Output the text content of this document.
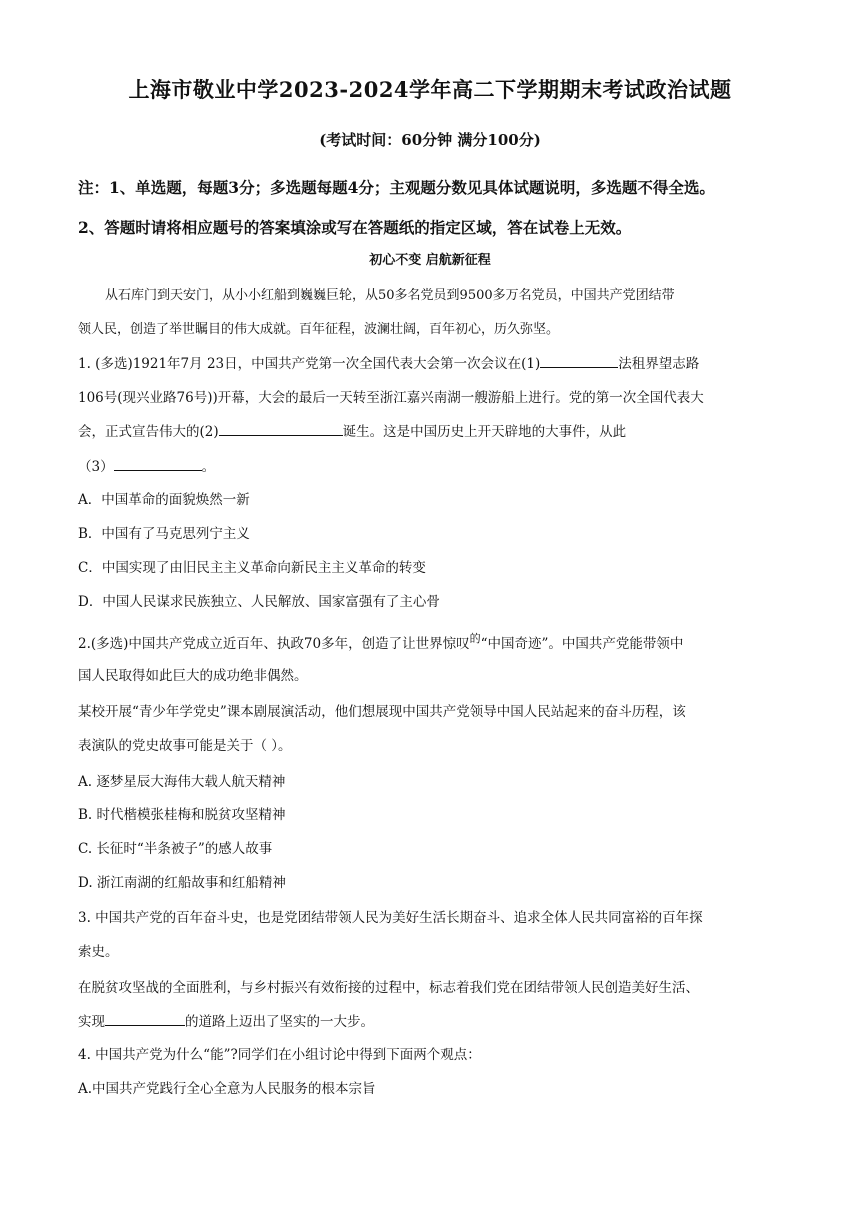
上海市敬业中学2023-2024学年高二下学期期末考试政治试题
(考试时间：60分钟 满分100分)
注：1、单选题，每题3分；多选题每题4分；主观题分数见具体试题说明，多选题不得全选。
2、答题时请将相应题号的答案填涂或写在答题纸的指定区域，答在试卷上无效。
初心不变 启航新征程
从石库门到天安门，从小小红船到巍巍巨轮，从50多名党员到9500多万名党员，中国共产党团结带
领人民，创造了举世瞩目的伟大成就。百年征程，波澜壮阔，百年初心，历久弥坚。
1. (多选)1921年7月 23日，中国共产党第一次全国代表大会第一次会议在(1)	法租界望志路
106号(现兴业路76号))开幕，大会的最后一天转至浙江嘉兴南湖一艘游船上进行。党的第一次全国代表大
会，正式宣告伟大的(2)	诞生。这是中国历史上开天辟地的大事件，从此
（3）	。
A．中国革命的面貌焕然一新
B．中国有了马克思列宁主义
C．中国实现了由旧民主主义革命向新民主主义革命的转变
D．中国人民谋求民族独立、人民解放、国家富强有了主心骨
2.(多选)中国共产党成立近百年、执政70多年，创造了让世界惊叹$^的$“中国奇迹”。中国共产党能带领中
国人民取得如此巨大的成功绝非偶然。
某校开展“青少年学党史”课本剧展演活动，他们想展现中国共产党领导中国人民站起来的奋斗历程，该
表演队的党史故事可能是关于（ ）。
A. 逐梦星辰大海伟大载人航天精神
B. 时代楷模张桂梅和脱贫攻坚精神
C. 长征时“半条被子”的感人故事
D. 浙江南湖的红船故事和红船精神
3. 中国共产党的百年奋斗史，也是党团结带领人民为美好生活长期奋斗、追求全体人民共同富裕的百年探
索史。
在脱贫攻坚战的全面胜利，与乡村振兴有效衔接的过程中，标志着我们党在团结带领人民创造美好生活、
实现	的道路上迈出了坚实的一大步。
4. 中国共产党为什么“能”?同学们在小组讨论中得到下面两个观点：
A.中国共产党践行全心全意为人民服务的根本宗旨
